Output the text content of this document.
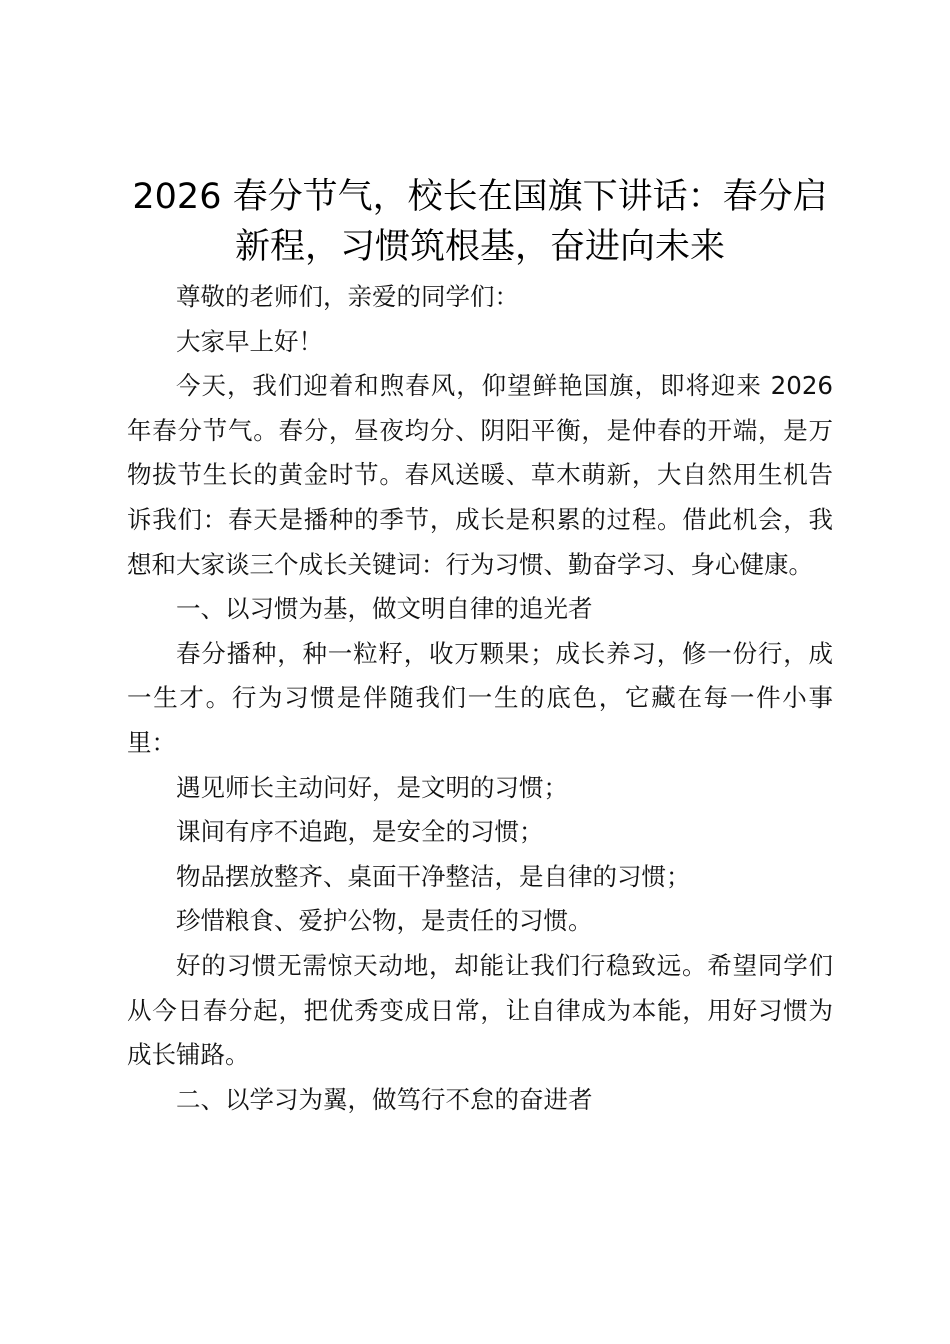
2026 春分节气，校长在国旗下讲话：春分启新程，习惯筑根基，奋进向未来

尊敬的老师们，亲爱的同学们：

大家早上好！

今天，我们迎着和煦春风，仰望鲜艳国旗，即将迎来 2026 年春分节气。春分，昼夜均分、阴阳平衡，是仲春的开端，是万物拔节生长的黄金时节。春风送暖、草木萌新，大自然用生机告诉我们：春天是播种的季节，成长是积累的过程。借此机会，我想和大家谈三个成长关键词：行为习惯、勤奋学习、身心健康。

一、以习惯为基，做文明自律的追光者

春分播种，种一粒籽，收万颗果；成长养习，修一份行，成一生才。行为习惯是伴随我们一生的底色，它藏在每一件小事里：

遇见师长主动问好，是文明的习惯；

课间有序不追跑，是安全的习惯；

物品摆放整齐、桌面干净整洁，是自律的习惯；

珍惜粮食、爱护公物，是责任的习惯。

好的习惯无需惊天动地，却能让我们行稳致远。希望同学们从今日春分起，把优秀变成日常，让自律成为本能，用好习惯为成长铺路。

二、以学习为翼，做笃行不怠的奋进者
